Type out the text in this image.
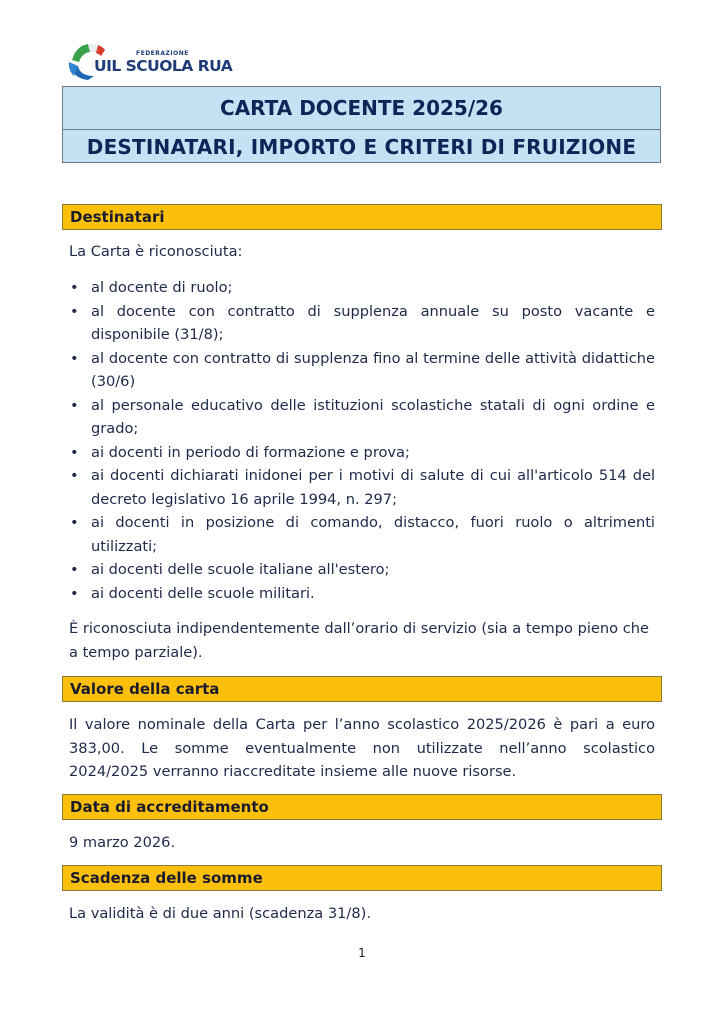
FEDERAZIONE
UIL SCUOLA RUA
CARTA DOCENTE 2025/26
DESTINATARI, IMPORTO E CRITERI DI FRUIZIONE
Destinatari
La Carta è riconosciuta:
• al docente di ruolo;
• al docente con contratto di supplenza annuale su posto vacante e disponibile (31/8);
• al docente con contratto di supplenza fino al termine delle attività didattiche (30/6)
• al personale educativo delle istituzioni scolastiche statali di ogni ordine e grado;
• ai docenti in periodo di formazione e prova;
• ai docenti dichiarati inidonei per i motivi di salute di cui all'articolo 514 del decreto legislativo 16 aprile 1994, n. 297;
• ai docenti in posizione di comando, distacco, fuori ruolo o altrimenti utilizzati;
• ai docenti delle scuole italiane all'estero;
• ai docenti delle scuole militari.
È riconosciuta indipendentemente dall’orario di servizio (sia a tempo pieno che a tempo parziale).
Valore della carta
Il valore nominale della Carta per l’anno scolastico 2025/2026 è pari a euro 383,00. Le somme eventualmente non utilizzate nell’anno scolastico 2024/2025 verranno riaccreditate insieme alle nuove risorse.
Data di accreditamento
9 marzo 2026.
Scadenza delle somme
La validità è di due anni (scadenza 31/8).
1
